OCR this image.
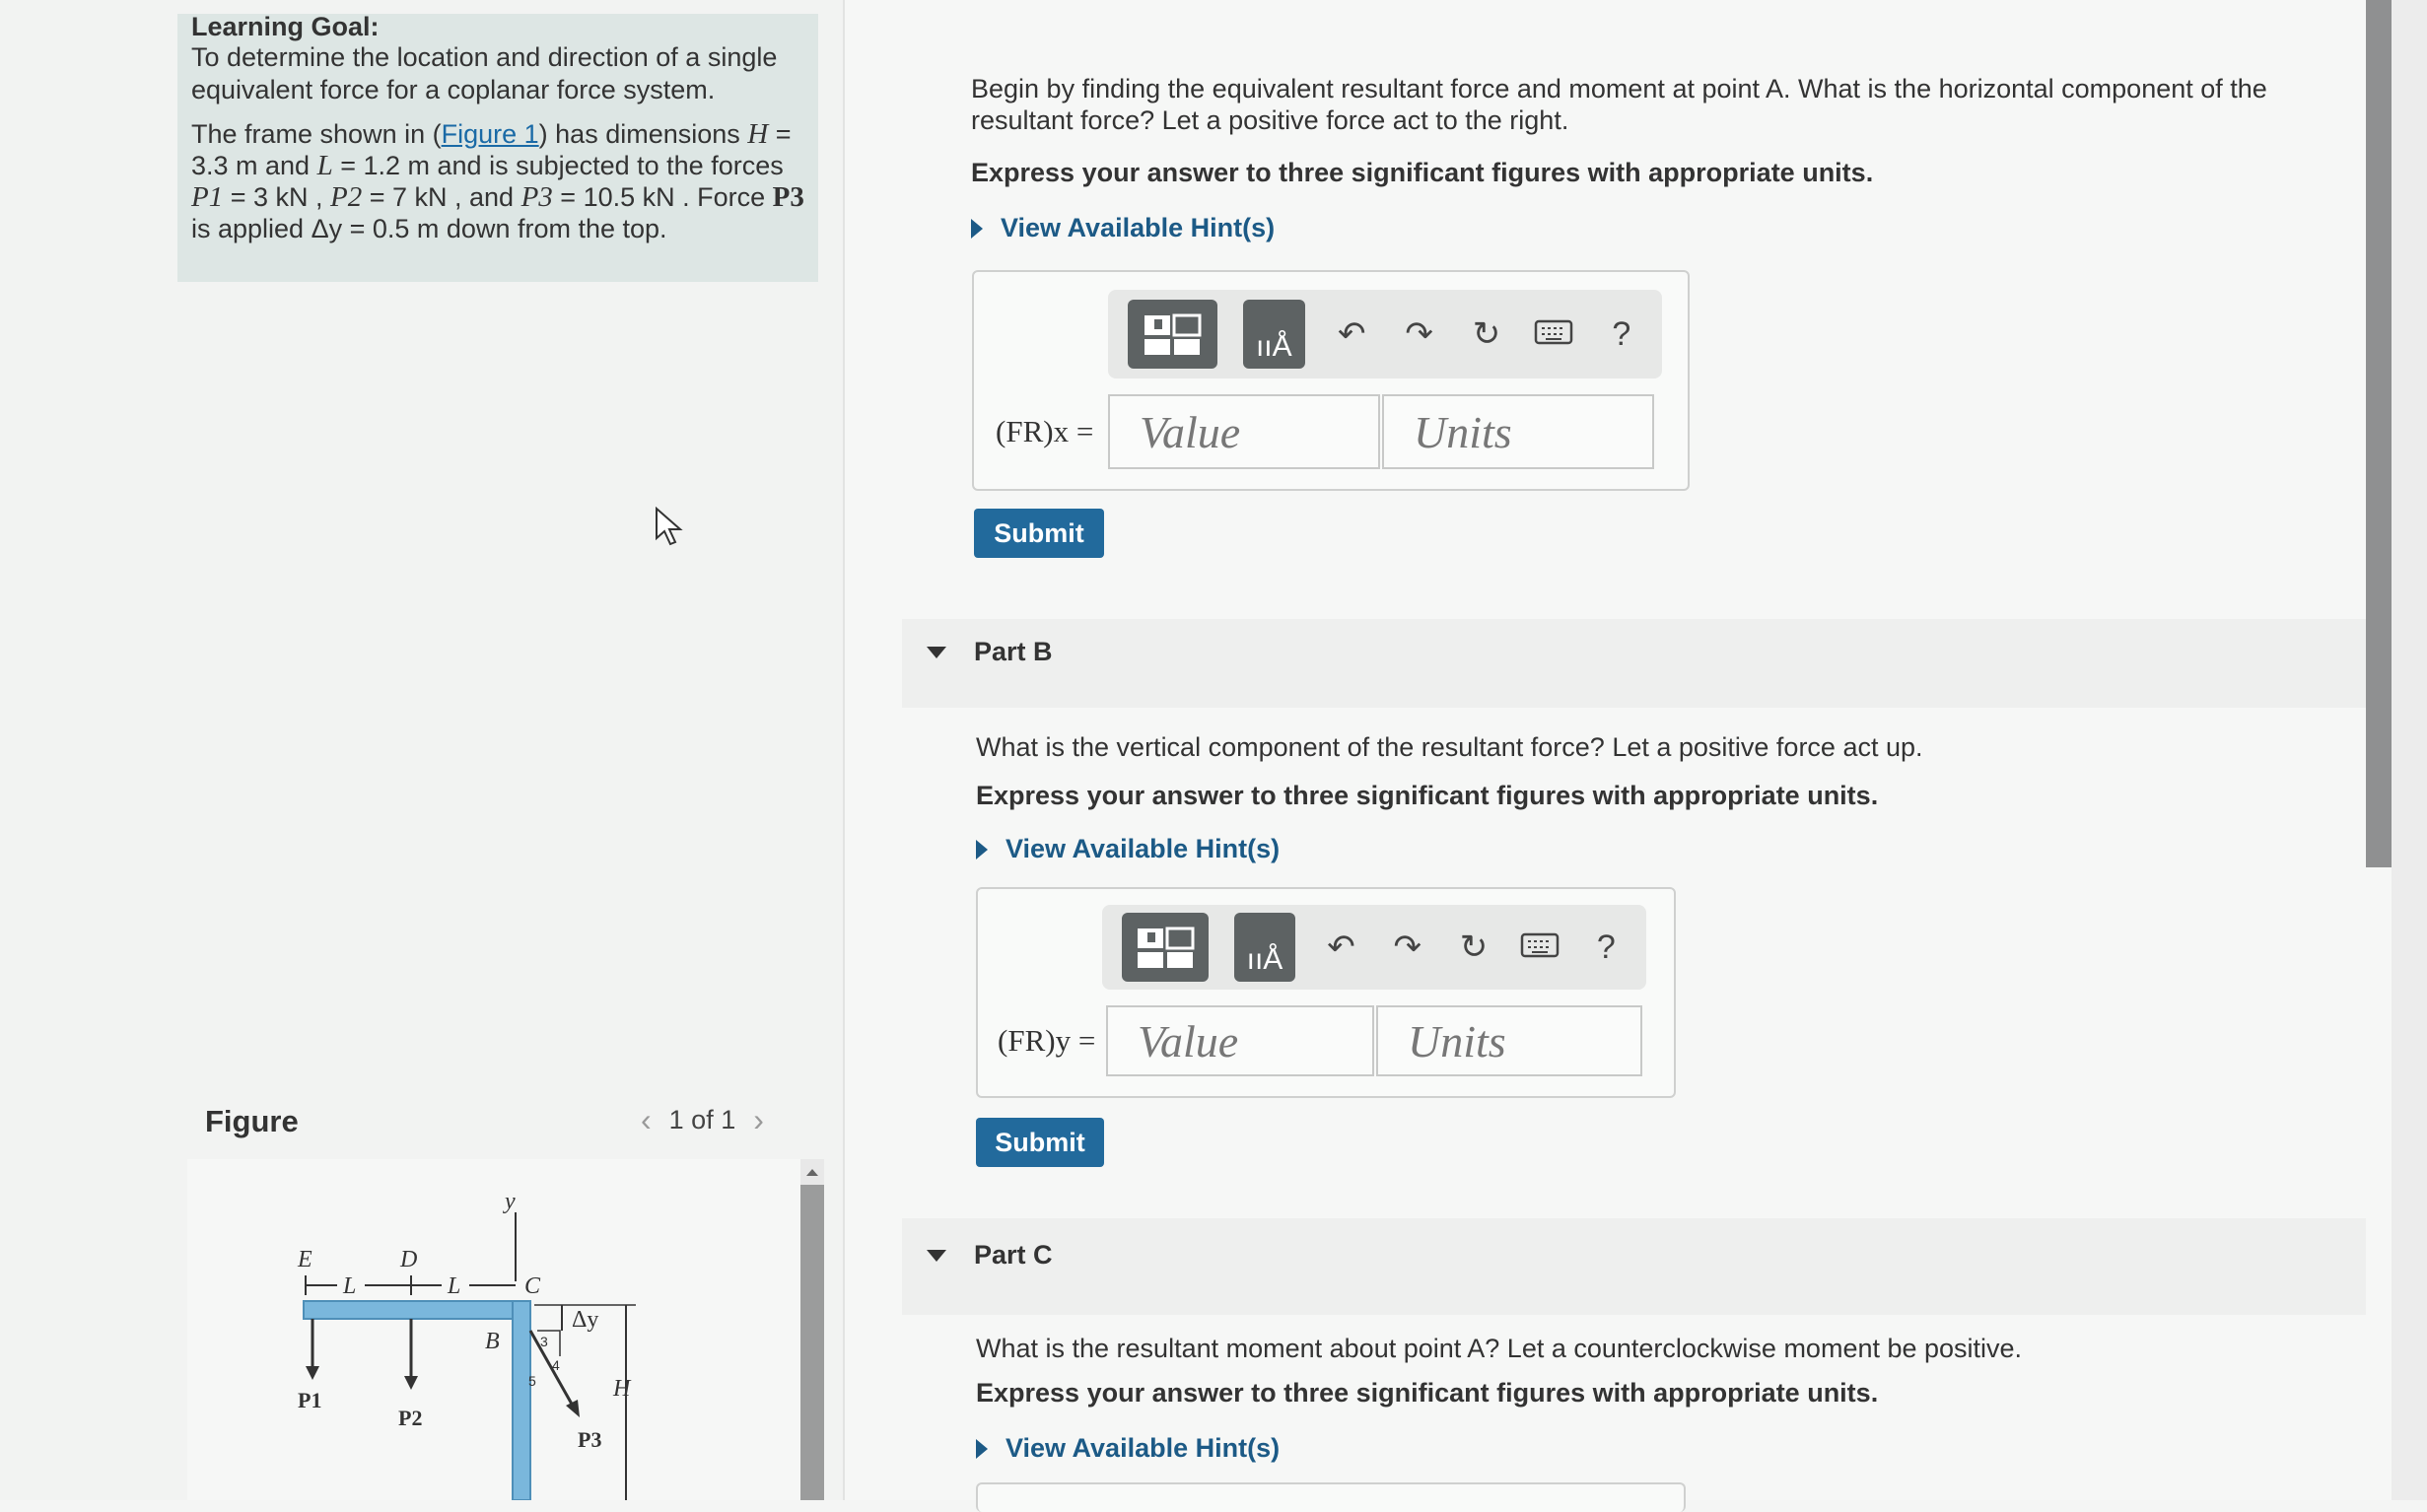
Learning Goal:
To determine the location and direction of a single equivalent force for a coplanar force system.
The frame shown in (Figure 1) has dimensions H = 3.3 m and L = 1.2 m and is subjected to the forces P1 = 3 kN , P2 = 7 kN , and P3 = 10.5 kN . Force P3 is applied Δy = 0.5 m down from the top.
Figure	‹ 1 of 1 ›
y
L	L
E	D
C
P1
P2
B
Δy
H
3
4
5
P3
Begin by finding the equivalent resultant force and moment at point A. What is the horizontal component of the resultant force? Let a positive force act to the right.
Express your answer to three significant figures with appropriate units.
View Available Hint(s)
ııÅ ↶ ↷ ↻	?
(FR)x =	Value	Units
Submit
Part B
What is the vertical component of the resultant force? Let a positive force act up.
Express your answer to three significant figures with appropriate units.
View Available Hint(s)
ııÅ ↶ ↷ ↻	?
(FR)y = Value	Units
Submit
Part C
What is the resultant moment about point A? Let a counterclockwise moment be positive.
Express your answer to three significant figures with appropriate units.
View Available Hint(s)
